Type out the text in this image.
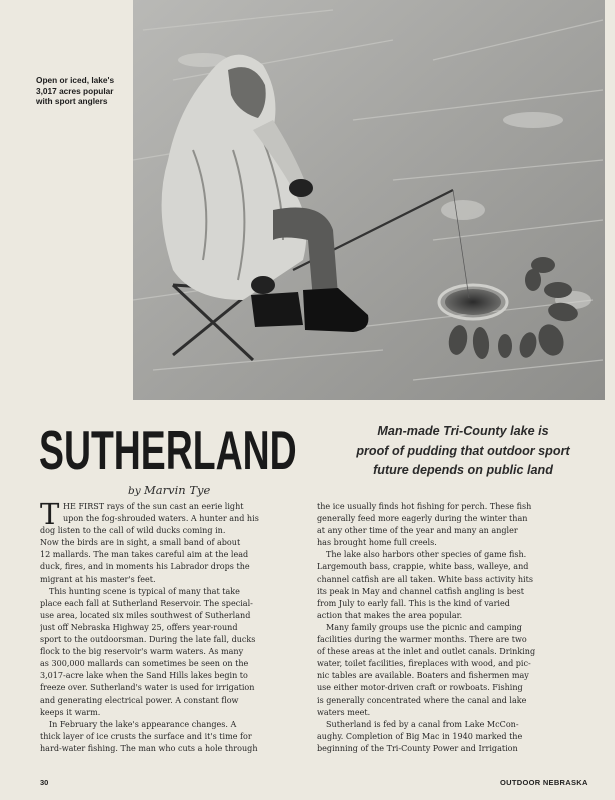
Open or iced, lake's
3,017 acres popular
with sport anglers
SUTHERLAND	Man-made Tri-County lake is
proof of pudding that outdoor sport
future depends on public land
by Marvin Tye
T HE FIRST rays of the sun cast an eerie light
upon the fog-shrouded waters. A hunter and his
dog listen to the call of wild ducks coming in.
Now the birds are in sight, a small band of about
12 mallards. The man takes careful aim at the lead
duck, fires, and in moments his Labrador drops the
migrant at his master's feet.
This hunting scene is typical of many that take
place each fall at Sutherland Reservoir. The special-
use area, located six miles southwest of Sutherland
just off Nebraska Highway 25, offers year-round
sport to the outdoorsman. During the late fall, ducks
flock to the big reservoir's warm waters. As many
as 300,000 mallards can sometimes be seen on the
3,017-acre lake when the Sand Hills lakes begin to
freeze over. Sutherland's water is used for irrigation
and generating electrical power. A constant flow
keeps it warm.
In February the lake's appearance changes. A
thick layer of ice crusts the surface and it's time for
hard-water fishing. The man who cuts a hole through
the ice usually finds hot fishing for perch. These fish
generally feed more eagerly during the winter than
at any other time of the year and many an angler
has brought home full creels.
The lake also harbors other species of game fish.
Largemouth bass, crappie, white bass, walleye, and
channel catfish are all taken. White bass activity hits
its peak in May and channel catfish angling is best
from July to early fall. This is the kind of varied
action that makes the area popular.
Many family groups use the picnic and camping
facilities during the warmer months. There are two
of these areas at the inlet and outlet canals. Drinking
water, toilet facilities, fireplaces with wood, and pic-
nic tables are available. Boaters and fishermen may
use either motor-driven craft or rowboats. Fishing
is generally concentrated where the canal and lake
waters meet.
Sutherland is fed by a canal from Lake McCon-
aughy. Completion of Big Mac in 1940 marked the
beginning of the Tri-County Power and Irrigation
30	OUTDOOR NEBRASKA
